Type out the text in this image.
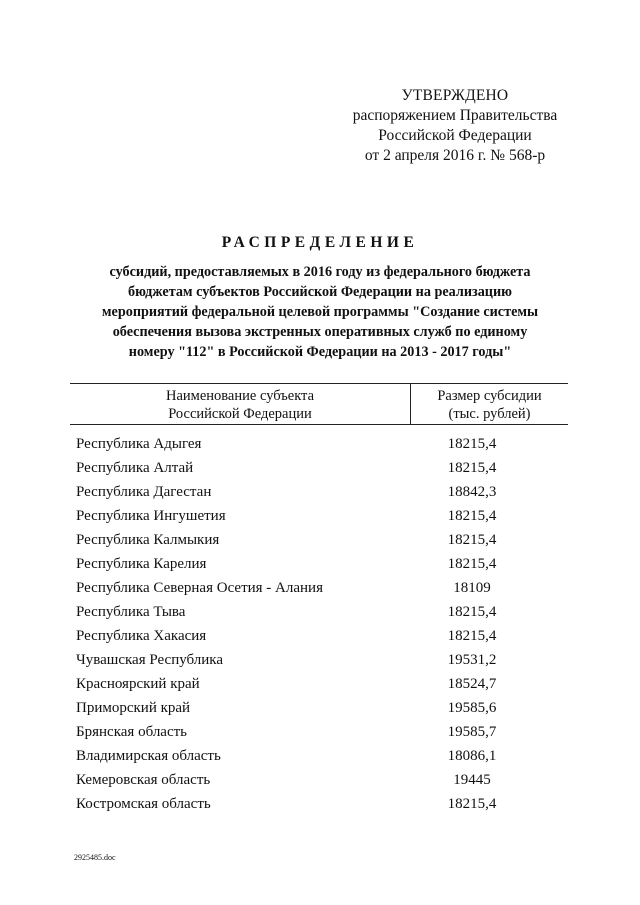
УТВЕРЖДЕНО
распоряжением Правительства
Российской Федерации
от 2 апреля 2016 г. № 568-р
РАСПРЕДЕЛЕНИЕ
субсидий, предоставляемых в 2016 году из федерального бюджета
бюджетам субъектов Российской Федерации на реализацию
мероприятий федеральной целевой программы "Создание системы
обеспечения вызова экстренных оперативных служб по единому
номеру "112" в Российской Федерации на 2013 - 2017 годы"
Наименование субъекта
Российской Федерации
Размер субсидии
(тыс. рублей)
Республика Адыгея	18215,4
Республика Алтай	18215,4
Республика Дагестан	18842,3
Республика Ингушетия	18215,4
Республика Калмыкия	18215,4
Республика Карелия	18215,4
Республика Северная Осетия - Алания	18109
Республика Тыва	18215,4
Республика Хакасия	18215,4
Чувашская Республика	19531,2
Красноярский край	18524,7
Приморский край	19585,6
Брянская область	19585,7
Владимирская область	18086,1
Кемеровская область	19445
Костромская область	18215,4
2925485.doc
